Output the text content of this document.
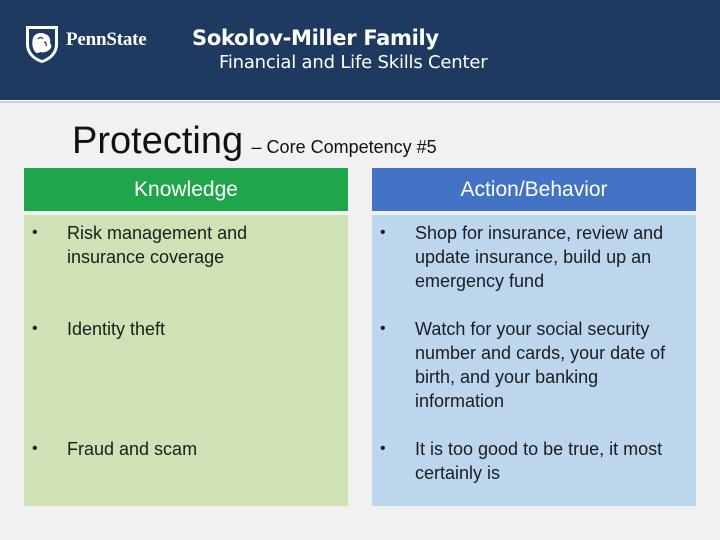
PennState Sokolov-Miller Family
Financial and Life Skills Center
Protecting – Core Competency #5
Knowledge	Action/Behavior
• Risk management and insurance coverage
• Identity theft
• Fraud and scam
• Shop for insurance, review and update insurance, build up an emergency fund
• Watch for your social security number and cards, your date of birth, and your banking information
• It is too good to be true, it most certainly is
